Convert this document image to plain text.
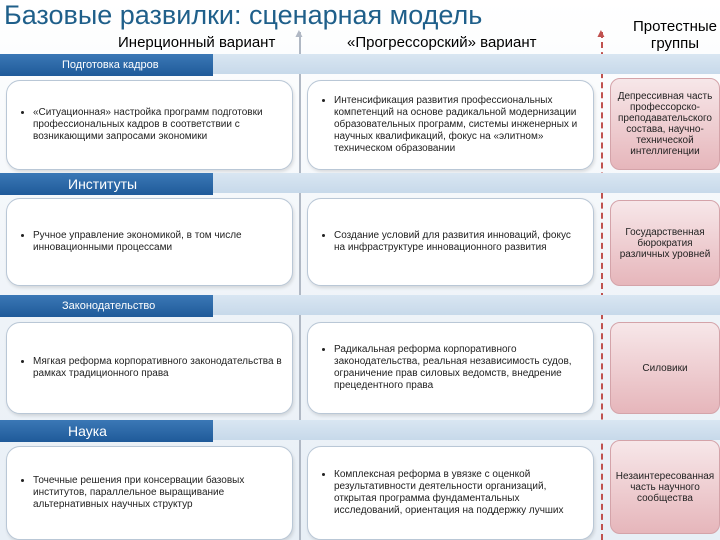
Базовые развилки: сценарная модель
Инерционный вариант	«Прогрессорский» вариант
Протестные группы
▲	▲
Подготовка кадров
• «Ситуационная» настройка программ подготовки профессиональных кадров в соответствии с возникающими запросами экономики
• Интенсификация развития профессиональных компетенций на основе радикальной модернизации образовательных программ, системы инженерных и научных квалификаций, фокус на «элитном» техническом образовании
Депрессивная часть профессорско-преподавательского состава, научно-технической интеллигенции
Институты
• Ручное управление экономикой, в том числе инновационными процессами
• Создание условий для развития инноваций, фокус на инфраструктуре инновационного развития
Государственная бюрократия различных уровней
Законодательство
• Мягкая реформа корпоративного законодательства в рамках традиционного права
• Радикальная реформа корпоративного законодательства, реальная независимость судов, ограничение прав силовых ведомств, внедрение прецедентного права
Силовики
Наука
• Точечные решения при консервации базовых институтов, параллельное выращивание альтернативных научных структур
• Комплексная реформа в увязке с оценкой результативности деятельности организаций, открытая программа фундаментальных исследований, ориентация на поддержку лучших
Незаинтересованная часть научного сообщества
